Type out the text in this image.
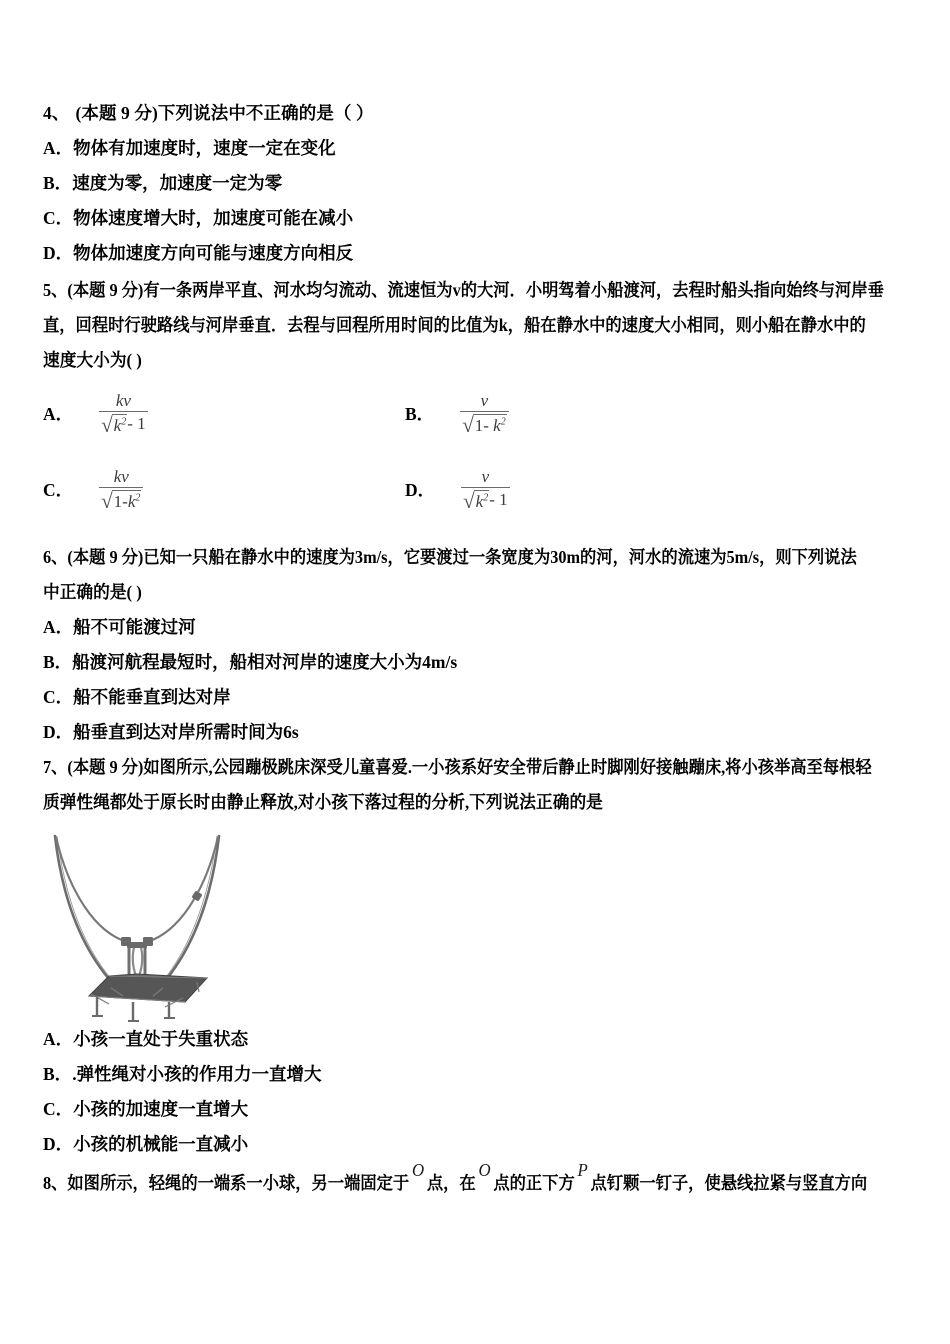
4、 (本题 9 分)下列说法中不正确的是（ ）
A．物体有加速度时，速度一定在变化
B．速度为零，加速度一定为零
C．物体速度增大时，加速度可能在减小
D．物体加速度方向可能与速度方向相反
5、(本题 9 分)有一条两岸平直、河水均匀流动、流速恒为v的大河．小明驾着小船渡河，去程时船头指向始终与河岸垂
直，回程时行驶路线与河岸垂直．去程与回程所用时间的比值为k，船在静水中的速度大小相同，则小船在静水中的
速度大小为( )
A． $\frac{kv}{√ k^2 - 1}$	B． $\frac{v}{√ 1- k^2}$
C． $\frac{kv}{√ 1-k^2}$	D． $\frac{v}{√ k^2 - 1}$
6、(本题 9 分)已知一只船在静水中的速度为3m/s，它要渡过一条宽度为30m的河，河水的流速为5m/s，则下列说法
中正确的是( )
A．船不可能渡过河
B．船渡河航程最短时，船相对河岸的速度大小为4m/s
C．船不能垂直到达对岸
D．船垂直到达对岸所需时间为6s
7、(本题 9 分)如图所示,公园蹦极跳床深受儿童喜爱.一小孩系好安全带后静止时脚刚好接触蹦床,将小孩举高至每根轻
质弹性绳都处于原长时由静止释放,对小孩下落过程的分析,下列说法正确的是
A．小孩一直处于失重状态
B．.弹性绳对小孩的作用力一直增大
C．小孩的加速度一直增大
D．小孩的机械能一直减小
8、如图所示，轻绳的一端系一小球，另一端固定于O点，在O点的正下方P点钉颗一钉子，使悬线拉紧与竖直方向
